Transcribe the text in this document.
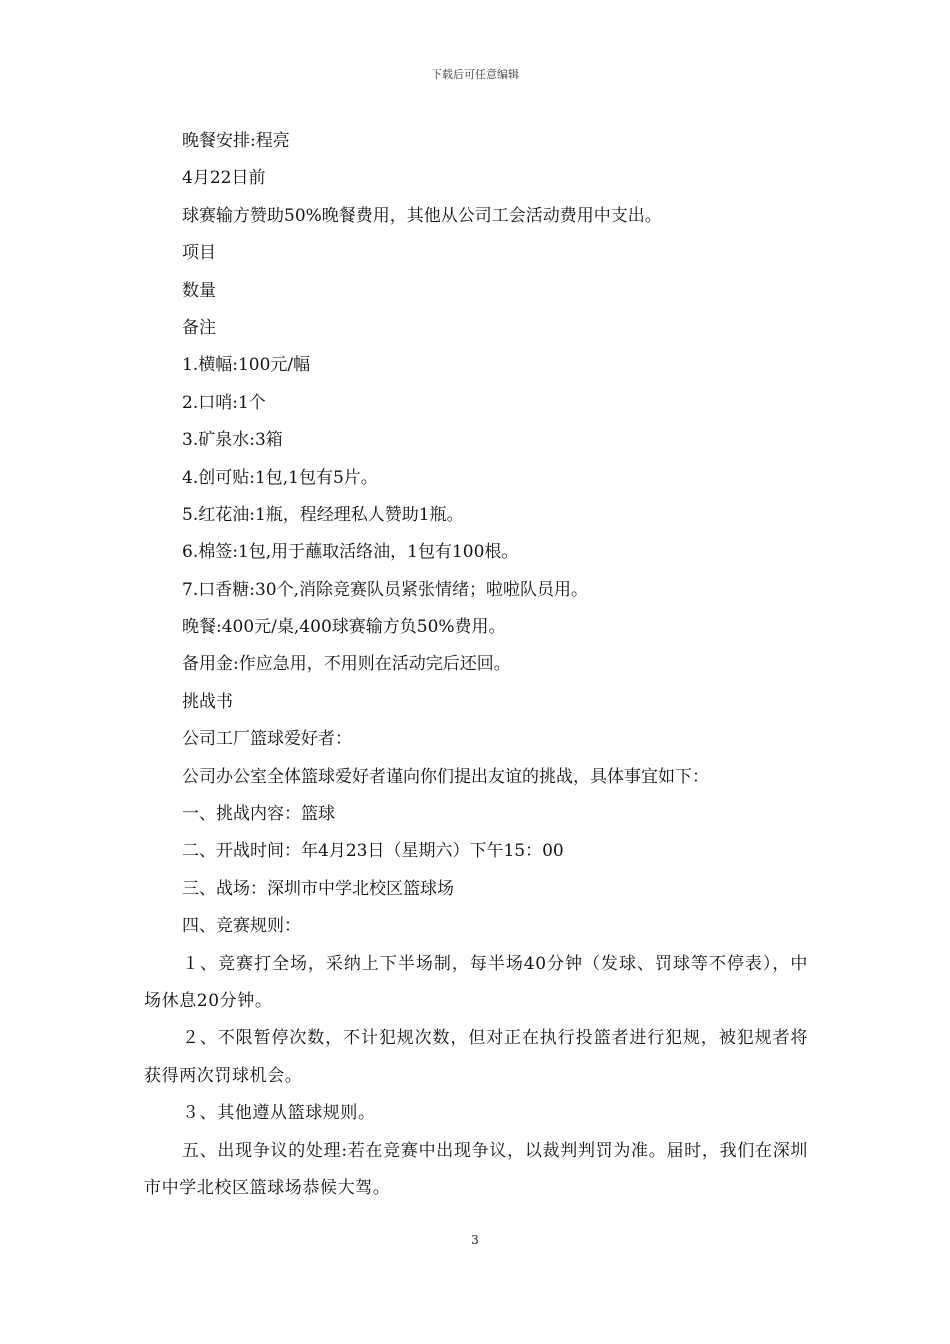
下载后可任意编辑
晚餐安排:程亮
4月22日前
球赛输方赞助50%晚餐费用，其他从公司工会活动费用中支出。
项目
数量
备注
1.横幅:100元/幅
2.口哨:1个
3.矿泉水:3箱
4.创可贴:1包,1包有5片。
5.红花油:1瓶，程经理私人赞助1瓶。
6.棉签:1包,用于蘸取活络油，1包有100根。
7.口香糖:30个,消除竞赛队员紧张情绪；啦啦队员用。
晚餐:400元/桌,400球赛输方负50%费用。
备用金:作应急用，不用则在活动完后还回。
挑战书
公司工厂篮球爱好者：
公司办公室全体篮球爱好者谨向你们提出友谊的挑战，具体事宜如下：
一、挑战内容：篮球
二、开战时间：年4月23日（星期六）下午15：00
三、战场：深圳市中学北校区篮球场
四、竞赛规则：
１、竞赛打全场，采纳上下半场制，每半场40分钟（发球、罚球等不停表），中场休息20分钟。
２、不限暂停次数，不计犯规次数，但对正在执行投篮者进行犯规，被犯规者将获得两次罚球机会。
３、其他遵从篮球规则。
五、出现争议的处理:若在竞赛中出现争议，以裁判判罚为准。届时，我们在深圳市中学北校区篮球场恭候大驾。
3
